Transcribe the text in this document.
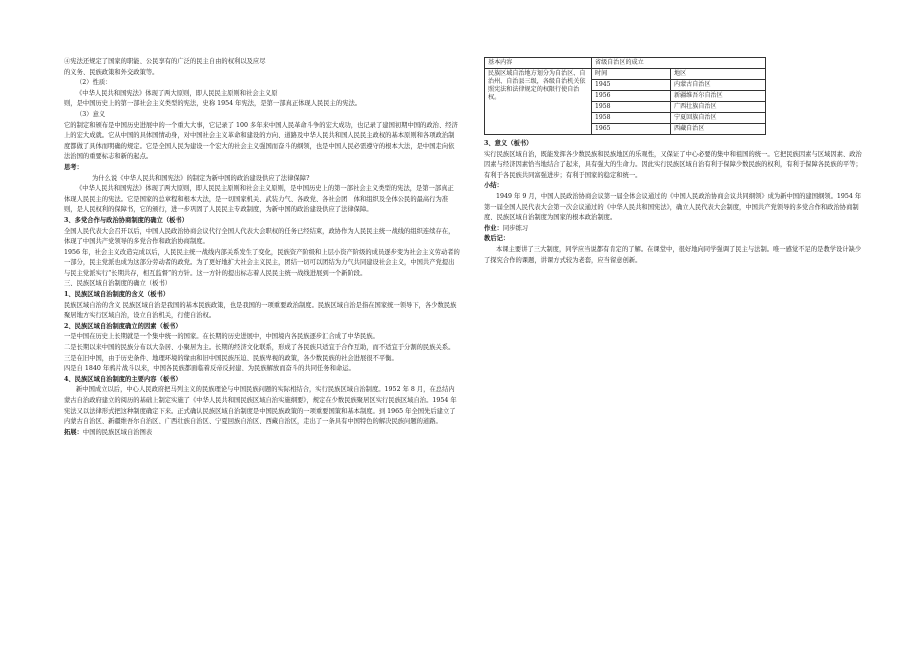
④宪法还规定了国家的职能、公民享有的广泛的民主自由的权利以及应尽

的义务、民族政策和外交政策等。

（2）性质：

《中华人民共和国宪法》体现了两大原则，即人民民主原则和社会主义原

则，是中国历史上的第一部社会主义类型的宪法，史称 1954 年宪法，是第一部真正体现人民民主的宪法。

（3）意义

它的制定和颁布是中国历史进展中的一个重大大事，它记录了 100 多年来中国人民革命斗争的宏大成功，也记录了建国初期中国的政治、经济上的宏大成就。它从中国的具体国情动身，对中国社会主义革命和建设的方向、道路及中华人民共和国人民民主政权的基本原则和各项政治制度都做了具体而明确的规定。它是全国人民为建设一个宏大的社会主义强国而奋斗的纲领，也是中国人民必需遵守的根本大法，是中国走向依法治国的重要标志和新的起点。

思考：

为什么说《中华人民共和国宪法》的制定为新中国的政治建设供应了法律保障?

《中华人民共和国宪法》体现了两大原则，即人民民主原则和社会主义原则，是中国历史上的第一部社会主义类型的宪法，是第一部真正体现人民民主的宪法。它是国家的总章程和根本大法，是一切国家机关、武装力气、各政党、各社会团　体和组织及全体公民的最高行为准则，是人民权利的保障书，它的颁行，进一步巩固了人民民主专政制度，为新中国的政治建设供应了法律保障。

3、多党合作与政治协商制度的确立（板书）

全国人民代表大会召开以后，中国人民政治协商会议代行全国人代表大会职权的任务已经结束，政协作为人民民主统一战线的组织连续存在，体现了中国共产党领导的多党合作和政治协商制度。

1956 年，社会主义改造完成以后，人民民主统一战线内部关系发生了变化，民族资产阶级和上层小资产阶级的成员逐步变为社会主义劳动者的一部分，民主党派也成为这部分劳动者的政党。为了更好地扩大社会主义民主，团结一切可以团结为力气共同建设社会主义，中国共产党提出与民主党派实行“长期共存，相互监督”的方针。这一方针的提出标志着人民民主统一战线进展到一个新阶段。

三、民族区域自治制度的确立（板书）

1、民族区域自治制度的含义（板书）

民族区域自治的含义 民族区域自治是我国的基本民族政策，也是我国的一项重要政治制度。民族区域自治是指在国家统一领导下，各少数民族聚居地方实行区域自治，设立自治机关，行使自治权。

2、民族区域自治制度确立的因素（板书）

一是中国在历史上长期就是一个集中统一的国家。在长期的历史进展中，中国境内各民族逐步汇合成了中华民族。

二是长期以来中国的民族分布以大杂居、小聚居为主。长期的经济文化联系，形成了各民族只适宜于合作互助，而不适宜于分割的民族关系。

三是在旧中国，由于历史条件、地理环境的缘由和旧中国民族压迫、民族卑视的政策，各少数民族的社会进展很不平衡。

四是自 1840 年鸦片战斗以来，中国各民族都面临着反帝反封建、为民族解放而奋斗的共同任务和命运。

4、民族区域自治制度的主要内容（板书）

新中国成立以后，中心人民政府把马列主义的民族理论与中国民族问题的实际相结合，实行民族区域自治制度。1952 年 8 月，在总结内蒙古自治政府建立的阅历的基础上制定实施了《中华人民共和国民族区域自治实施纲要》，规定在少数民族聚居区实行民族区域自治。1954 年宪法又以法律形式把这种制度确定下来。正式确认民族区域自治制度是中国民族政策的一项重要国策和基本制度。到 1965 年全国先后建立了内蒙古自治区、新疆维吾尔自治区、广西壮族自治区、宁夏回族自治区、西藏自治区，走出了一条具有中国特色的解决民族问题的道路。

拓展：中国的民族区域自治图表

基本内容	省级自治区的成立	
民族区域自治地方划分为自治区、自治州、自治县三级，各级自治机关依照宪法和法律规定的权限行使自治权。	时间	地区
	1945	内蒙古自治区
	1956	新疆维吾尔自治区
	1958	广西壮族自治区
	1958	宁夏回族自治区
	1965	西藏自治区

3、意义（板书）

实行民族区域自治，既能发挥各少数民族和民族地区的乐观性，又保证了中心必要的集中和祖国的统一。它把民族因素与区域因素、政治因素与经济因素恰当地结合了起来，具有强大的生命力。因此实行民族区域自治有利于保障少数民族的权利，有利于保障各民族的平等；有利于各民族共同富强进步；有利于国家的稳定和统一。

小结：

1949 年 9 月，中国人民政治协商会议第一届全体会议通过的《中国人民政治协商会议共同纲领》成为新中国的建国纲领。1954 年第一届全国人民代表大会第一次会议通过的《中华人民共和国宪法》，确立人民代表大会制度，中国共产党领导的多党合作和政治协商制度、民族区域自治制度为国家的根本政治制度。

作业：同步练习

教后记：

本课主要讲了三大制度，同学应当说都有肯定的了解。在课堂中，很好地向同学强调了民主与法制。唯一感觉不足的是教学设计缺少了探究合作的课题，讲课方式较为老套，应当留意创新。
